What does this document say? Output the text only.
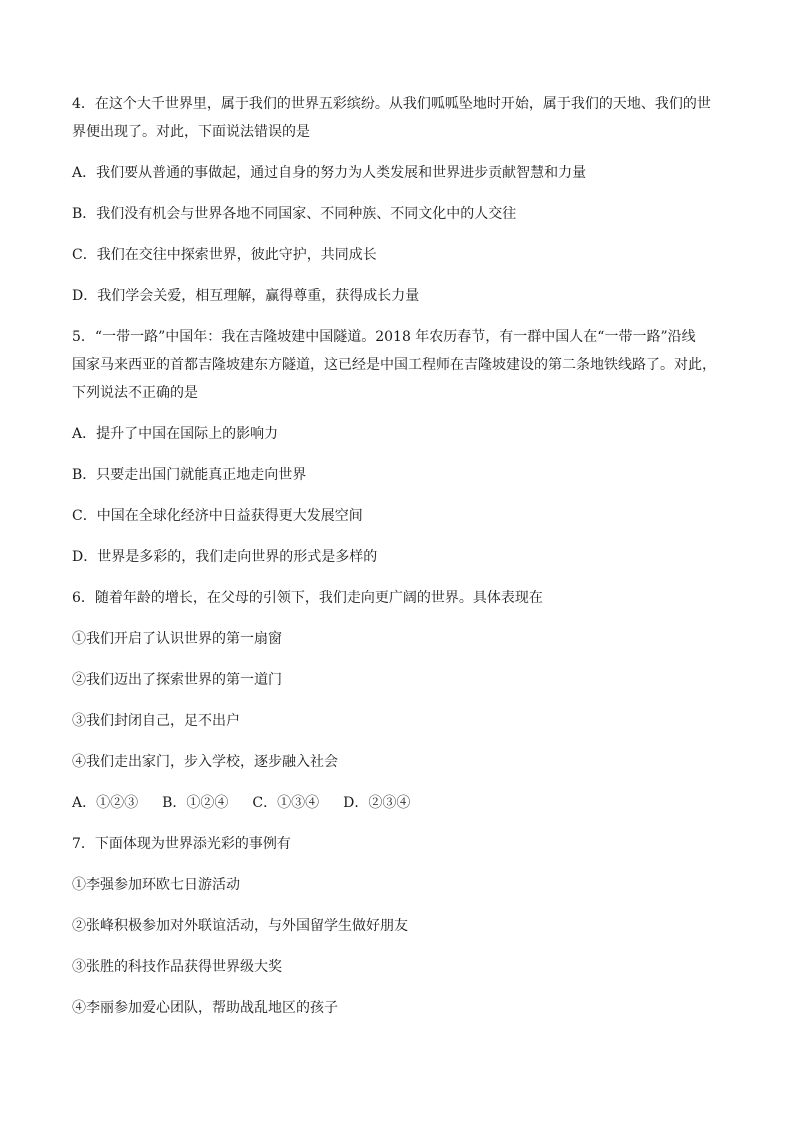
4．在这个大千世界里，属于我们的世界五彩缤纷。从我们呱呱坠地时开始，属于我们的天地、我们的世

界便出现了。对此，下面说法错误的是

A．我们要从普通的事做起，通过自身的努力为人类发展和世界进步贡献智慧和力量

B．我们没有机会与世界各地不同国家、不同种族、不同文化中的人交往

C．我们在交往中探索世界，彼此守护，共同成长

D．我们学会关爱，相互理解，赢得尊重，获得成长力量

5．“一带一路”中国年：我在吉隆坡建中国隧道。2018 年农历春节，有一群中国人在“一带一路”沿线

国家马来西亚的首都吉隆坡建东方隧道，这已经是中国工程师在吉隆坡建设的第二条地铁线路了。对此，

下列说法不正确的是

A．提升了中国在国际上的影响力

B．只要走出国门就能真正地走向世界

C．中国在全球化经济中日益获得更大发展空间

D．世界是多彩的，我们走向世界的形式是多样的

6．随着年龄的增长，在父母的引领下，我们走向更广阔的世界。具体表现在

①我们开启了认识世界的第一扇窗

②我们迈出了探索世界的第一道门

③我们封闭自己，足不出户

④我们走出家门，步入学校，逐步融入社会

A．①②③ B．①②④ C．①③④ D．②③④

7．下面体现为世界添光彩的事例有

①李强参加环欧七日游活动

②张峰积极参加对外联谊活动，与外国留学生做好朋友

③张胜的科技作品获得世界级大奖

④李丽参加爱心团队，帮助战乱地区的孩子
